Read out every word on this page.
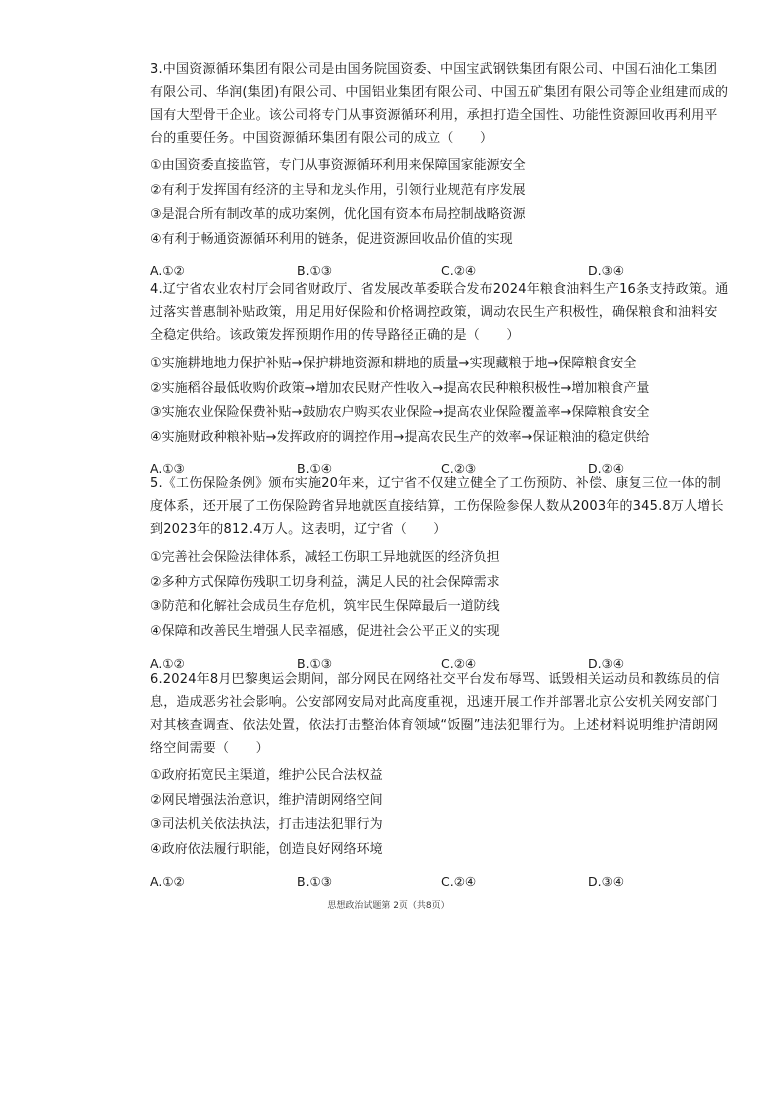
3.中国资源循环集团有限公司是由国务院国资委、中国宝武钢铁集团有限公司、中国石油化工集团有限公司、华润(集团)有限公司、中国铝业集团有限公司、中国五矿集团有限公司等企业组建而成的国有大型骨干企业。该公司将专门从事资源循环利用，承担打造全国性、功能性资源回收再利用平台的重要任务。中国资源循环集团有限公司的成立（　　）

①由国资委直接监管，专门从事资源循环利用来保障国家能源安全

②有利于发挥国有经济的主导和龙头作用，引领行业规范有序发展

③是混合所有制改革的成功案例，优化国有资本布局控制战略资源

④有利于畅通资源循环利用的链条，促进资源回收品价值的实现

A.①②	B.①③	C.②④	D.③④

4.辽宁省农业农村厅会同省财政厅、省发展改革委联合发布2024年粮食油料生产16条支持政策。通过落实普惠制补贴政策，用足用好保险和价格调控政策，调动农民生产积极性，确保粮食和油料安全稳定供给。该政策发挥预期作用的传导路径正确的是（　　）

①实施耕地地力保护补贴→保护耕地资源和耕地的质量→实现藏粮于地→保障粮食安全

②实施稻谷最低收购价政策→增加农民财产性收入→提高农民种粮积极性→增加粮食产量

③实施农业保险保费补贴→鼓励农户购买农业保险→提高农业保险覆盖率→保障粮食安全

④实施财政种粮补贴→发挥政府的调控作用→提高农民生产的效率→保证粮油的稳定供给

A.①③	B.①④	C.②③	D.②④

5.《工伤保险条例》颁布实施20年来，辽宁省不仅建立健全了工伤预防、补偿、康复三位一体的制度体系，还开展了工伤保险跨省异地就医直接结算，工伤保险参保人数从2003年的345.8万人增长到2023年的812.4万人。这表明，辽宁省（　　）

①完善社会保险法律体系，减轻工伤职工异地就医的经济负担

②多种方式保障伤残职工切身利益，满足人民的社会保障需求

③防范和化解社会成员生存危机，筑牢民生保障最后一道防线

④保障和改善民生增强人民幸福感，促进社会公平正义的实现

A.①②	B.①③	C.②④	D.③④

6.2024年8月巴黎奥运会期间，部分网民在网络社交平台发布辱骂、诋毁相关运动员和教练员的信息，造成恶劣社会影响。公安部网安局对此高度重视，迅速开展工作并部署北京公安机关网安部门对其核查调查、依法处置，依法打击整治体育领域“饭圈”违法犯罪行为。上述材料说明维护清朗网络空间需要（　　）

①政府拓宽民主渠道，维护公民合法权益

②网民增强法治意识，维护清朗网络空间

③司法机关依法执法，打击违法犯罪行为

④政府依法履行职能，创造良好网络环境

A.①②	B.①③	C.②④	D.③④
思想政治试题第 2页（共8页）
